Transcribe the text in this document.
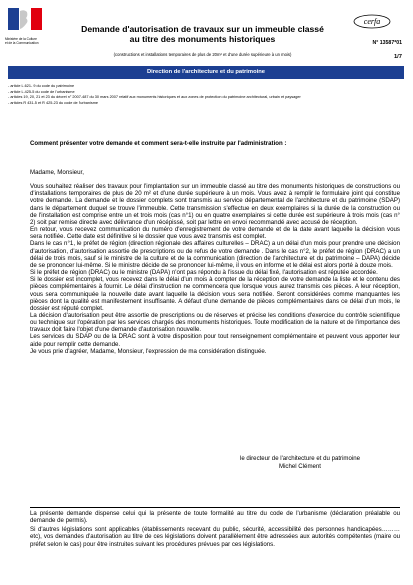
Ministère de la Culture
et de la Communication
Demande d'autorisation de travaux sur un immeuble classé
au titre des monuments historiques
(constructions et installations temporaires de plus de 20m² et d'une durée supérieure à un mois)
cerfa
N° 13587*01
1/7
Direction de l'architecture et du patrimoine
- article L.621- 9 du code du patrimoine
- article L.425-5 du code de l'urbanisme
- articles 19, 20, 21 et 23 du décret n° 2007-487 du 30 mars 2007 relatif aux monuments historiques et aux zones de protection du patrimoine architectural, urbain et paysager
- articles R 431-5 et R 425-23 du code de l'urbanisme
Comment présenter votre demande et comment sera-t-elle instruite par l'administration :

Madame, Monsieur,

Vous souhaitez réaliser des travaux pour l'implantation sur un immeuble classé au titre des monuments historiques de constructions ou d'installations temporaires de plus de 20 m² et d'une durée supérieure à un mois. Vous avez à remplir le formulaire joint qui constitue votre demande. La demande et le dossier complets sont transmis au service départemental de l'architecture et du patrimoine (SDAP) dans le département duquel se trouve l'immeuble. Cette transmission s'effectue en deux exemplaires si la durée de la construction ou de l'installation est comprise entre un et trois mois (cas n°1) ou en quatre exemplaires si cette durée est supérieure à trois mois (cas n° 2) soit par remise directe avec délivrance d'un récépissé, soit par lettre en envoi recommandé avec accusé de réception.

En retour, vous recevez communication du numéro d'enregistrement de votre demande et de la date avant laquelle la décision vous sera notifiée. Cette date est définitive si le dossier que vous avez transmis est complet.

Dans le cas n°1, le préfet de région (direction régionale des affaires culturelles – DRAC) a un délai d'un mois pour prendre une décision d'autorisation, d'autorisation assortie de prescriptions ou de refus de votre demande . Dans le cas n°2, le préfet de région (DRAC) a un délai de trois mois, sauf si le ministre de la culture et de la communication (direction de l'architecture et du patrimoine – DAPA) décide de se prononcer lui-même. Si le ministre décide de se prononcer lui-même, il vous en informe et le délai est alors porté à douze mois.

Si le préfet de région (DRAC) ou le ministre (DAPA) n'ont pas répondu à l'issue du délai fixé, l'autorisation est réputée accordée.

Si le dossier est incomplet, vous recevez dans le délai d'un mois à compter de la réception de votre demande la liste et le contenu des pièces complémentaires à fournir. Le délai d'instruction ne commencera que lorsque vous aurez transmis ces pièces. A leur réception, vous sera communiquée la nouvelle date avant laquelle la décision vous sera notifiée. Seront considérées comme manquantes les pièces dont la qualité est manifestement insuffisante. A défaut d'une demande de pièces complémentaires dans ce délai d'un mois, le dossier est réputé complet.

La décision d'autorisation peut être assortie de prescriptions ou de réserves et précise les conditions d'exercice du contrôle scientifique ou technique sur l'opération par les services chargés des monuments historiques. Toute modification de la nature et de l'importance des travaux doit faire l'objet d'une demande d'autorisation nouvelle.

Les services du SDAP ou de la DRAC sont à votre disposition pour tout renseignement complémentaire et peuvent vous apporter leur aide pour remplir cette demande.

Je vous prie d'agréer, Madame, Monsieur, l'expression de ma considération distinguée.

le directeur de l'architecture et du patrimoine
Michel Clément

La présente demande dispense celui qui la présente de toute formalité au titre du code de l'urbanisme (déclaration préalable ou demande de permis).

Si d'autres législations sont applicables (établissements recevant du public, sécurité, accessibilité des personnes handicapées………etc), vos demandes d'autorisation au titre de ces législations doivent parallèlement être adressées aux autorités compétentes (maire ou préfet selon le cas) pour être instruites suivant les procédures prévues par ces législations.
